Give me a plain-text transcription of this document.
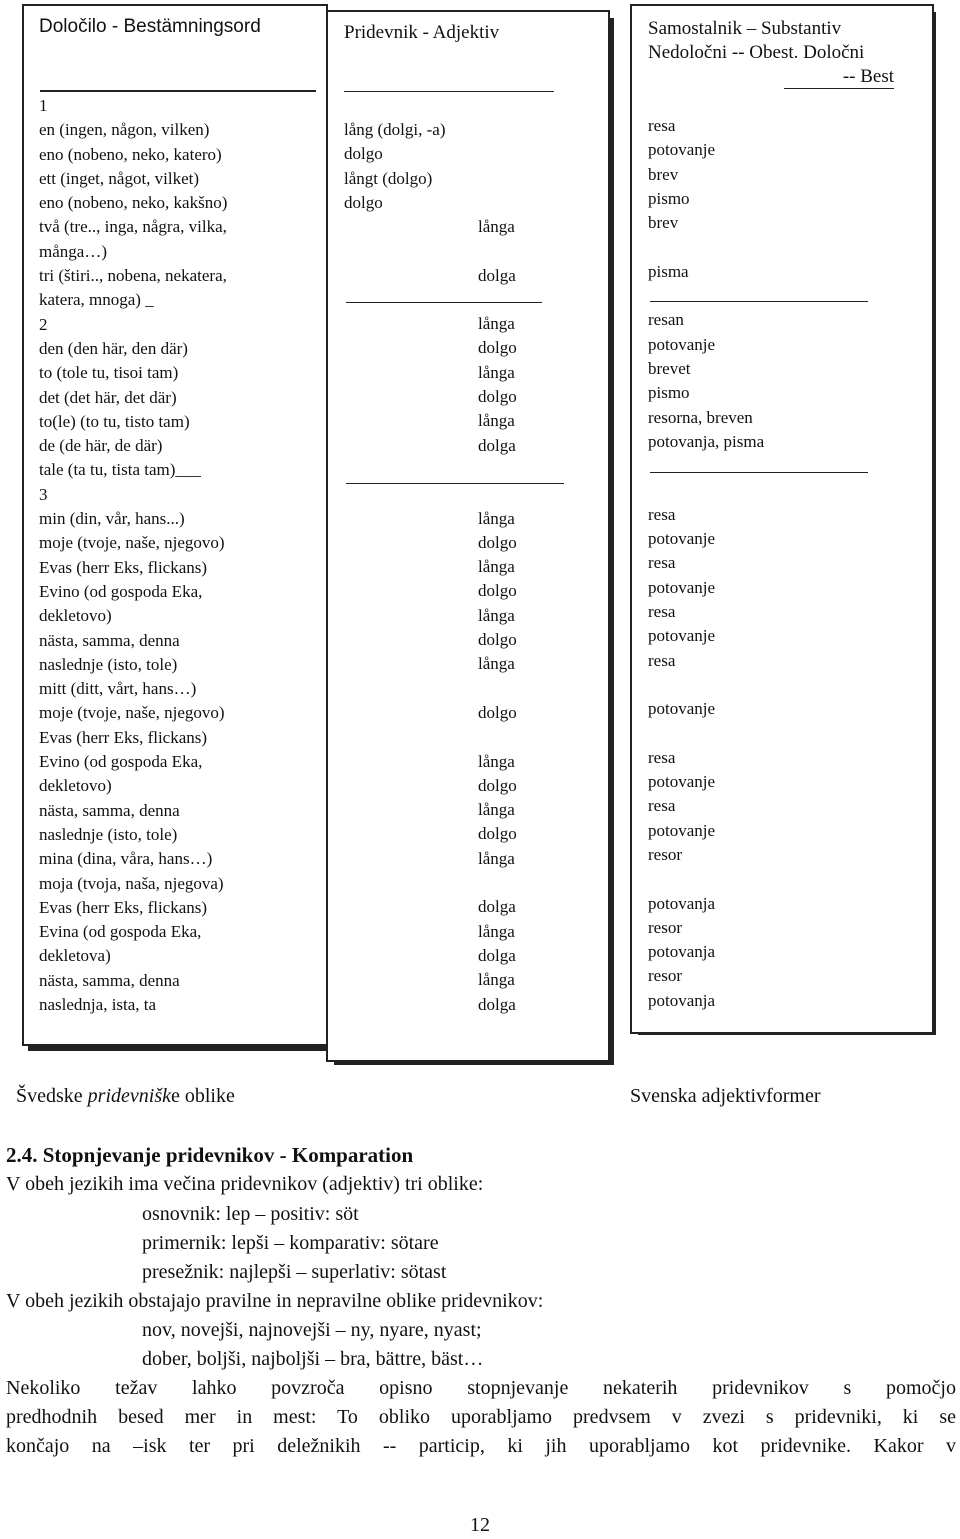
Določilo - Bestämningsord
1
en (ingen, någon, vilken)
eno (nobeno, neko, katero)
ett (inget, något, vilket)
eno (nobeno, neko, kakšno)
två (tre.., inga, några, vilka,
många…)
tri (štiri.., nobena, nekatera,
katera, mnoga) _
2
den (den här, den där)
to (tole tu, tisoi tam)
det (det här, det där)
to(le) (to tu, tisto tam)
de (de här, de där)
tale (ta tu, tista tam)___
3
min (din, vår, hans...)
moje (tvoje, naše, njegovo)
Evas (herr Eks, flickans)
Evino (od gospoda Eka,
dekletovo)
nästa, samma, denna
naslednje (isto, tole)
mitt (ditt, vårt, hans…)
moje (tvoje, naše, njegovo)
Evas (herr Eks, flickans)
Evino (od gospoda Eka,
dekletovo)
nästa, samma, denna
naslednje (isto, tole)
mina (dina, våra, hans…)
moja (tvoja, naša, njegova)
Evas (herr Eks, flickans)
Evina (od gospoda Eka,
dekletova)
nästa, samma, denna
naslednja, ista, ta
Pridevnik - Adjektiv
lång (dolgi, -a)
dolgo
långt (dolgo)
dolgo
långa
dolga
långa
dolgo
långa
dolgo
långa
dolga
långa
dolgo
långa
dolgo
långa
dolgo
långa
dolgo
långa
dolgo
långa
dolgo
långa
dolga
långa
dolga
långa
dolga
Samostalnik – Substantiv
Nedoločni -- Obest. Določni
-- Best
resa
potovanje
brev
pismo
brev
pisma
resan
potovanje
brevet
pismo
resorna, breven
potovanja, pisma
resa
potovanje
resa
potovanje
resa
potovanje
resa
potovanje
resa
potovanje
resa
potovanje
resor
potovanja
resor
potovanja
resor
potovanja
Švedske pridevniške oblike	Svenska adjektivformer
2.4. Stopnjevanje pridevnikov - Komparation
V obeh jezikih ima večina pridevnikov (adjektiv) tri oblike:
osnovnik: lep – positiv: söt
primernik: lepši – komparativ: sötare
presežnik: najlepši – superlativ: sötast
V obeh jezikih obstajajo pravilne in nepravilne oblike pridevnikov:
nov, novejši, najnovejši – ny, nyare, nyast;
dober, boljši, najboljši – bra, bättre, bäst…
Nekoliko težav lahko povzroča opisno stopnjevanje nekaterih pridevnikov s pomočjo
predhodnih besed mer in mest: To obliko uporabljamo predvsem v zvezi s pridevniki, ki se
končajo na –isk ter pri deležnikih -- particip, ki jih uporabljamo kot pridevnike. Kakor v
12
